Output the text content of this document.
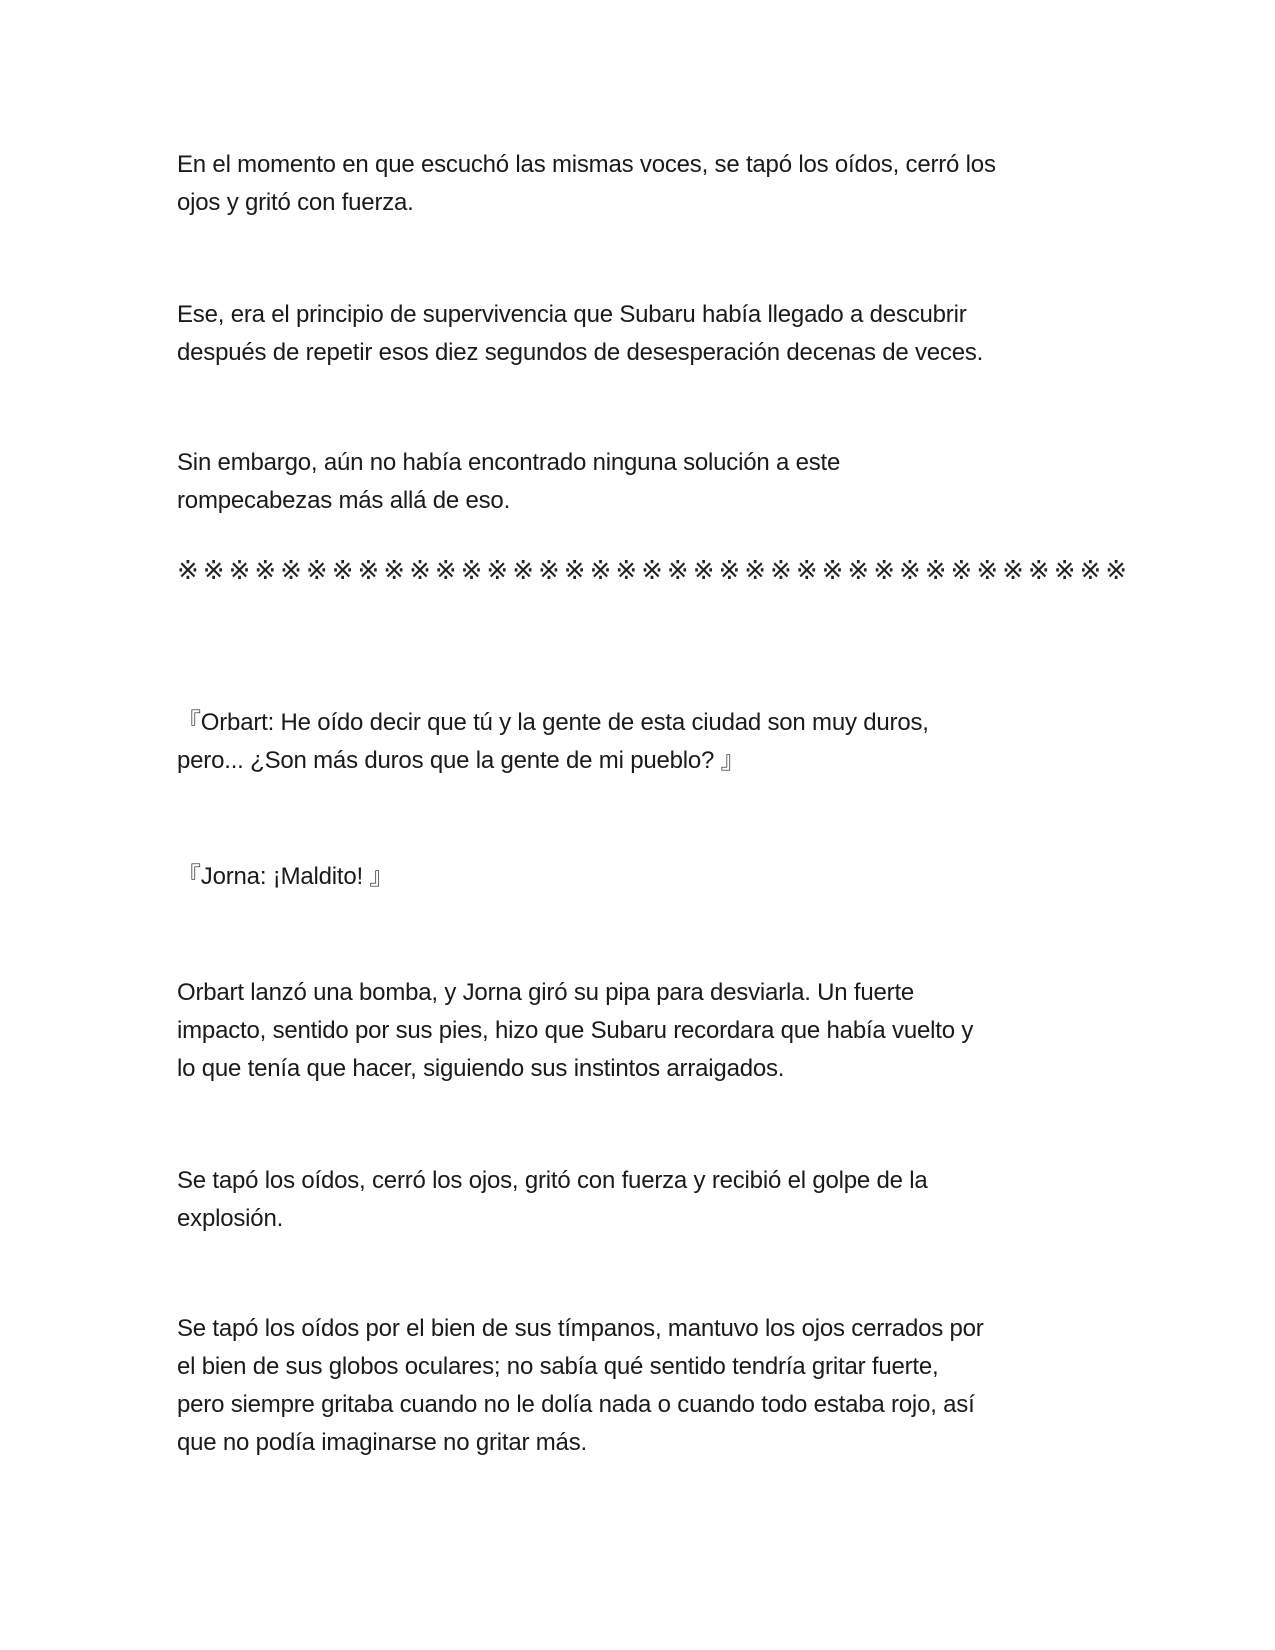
En el momento en que escuchó las mismas voces, se tapó los oídos, cerró los
ojos y gritó con fuerza.

Ese, era el principio de supervivencia que Subaru había llegado a descubrir
después de repetir esos diez segundos de desesperación decenas de veces.

Sin embargo, aún no había encontrado ninguna solución a este
rompecabezas más allá de eso.

※※※※※※※※※※※※※※※※※※※※※※※※※※※※※※※※※※※※※

『Orbart: He oído decir que tú y la gente de esta ciudad son muy duros,
pero... ¿Son más duros que la gente de mi pueblo? 』

『Jorna: ¡Maldito! 』

Orbart lanzó una bomba, y Jorna giró su pipa para desviarla. Un fuerte
impacto, sentido por sus pies, hizo que Subaru recordara que había vuelto y
lo que tenía que hacer, siguiendo sus instintos arraigados.

Se tapó los oídos, cerró los ojos, gritó con fuerza y recibió el golpe de la
explosión.

Se tapó los oídos por el bien de sus tímpanos, mantuvo los ojos cerrados por
el bien de sus globos oculares; no sabía qué sentido tendría gritar fuerte,
pero siempre gritaba cuando no le dolía nada o cuando todo estaba rojo, así
que no podía imaginarse no gritar más.
